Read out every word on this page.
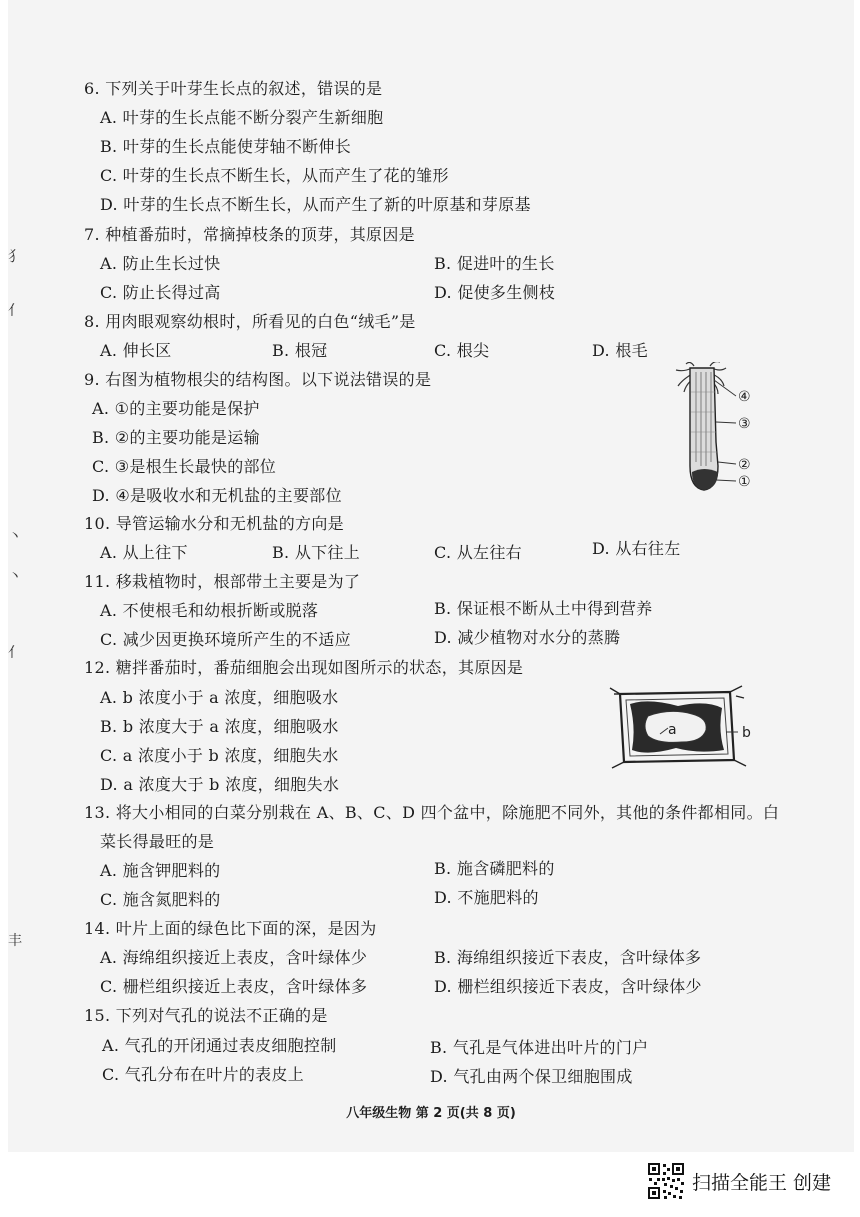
犭
亻
丶
丶
亻
丰
6. 下列关于叶芽生长点的叙述，错误的是
A. 叶芽的生长点能不断分裂产生新细胞
B. 叶芽的生长点能使芽轴不断伸长
C. 叶芽的生长点不断生长，从而产生了花的雏形
D. 叶芽的生长点不断生长，从而产生了新的叶原基和芽原基
7. 种植番茄时，常摘掉枝条的顶芽，其原因是
A. 防止生长过快	B. 促进叶的生长
C. 防止长得过高	D. 促使多生侧枝
8. 用肉眼观察幼根时，所看见的白色“绒毛”是
A. 伸长区	B. 根冠	C. 根尖	D. 根毛
9. 右图为植物根尖的结构图。以下说法错误的是
A. ①的主要功能是保护
B. ②的主要功能是运输
C. ③是根生长最快的部位
D. ④是吸收水和无机盐的主要部位
④
③
②
①
10. 导管运输水分和无机盐的方向是
A. 从上往下	B. 从下往上	C. 从左往右	D. 从右往左
11. 移栽植物时，根部带土主要是为了
A. 不使根毛和幼根折断或脱落	B. 保证根不断从土中得到营养
C. 减少因更换环境所产生的不适应	D. 减少植物对水分的蒸腾
12. 糖拌番茄时，番茄细胞会出现如图所示的状态，其原因是
A. b 浓度小于 a 浓度，细胞吸水
B. b 浓度大于 a 浓度，细胞吸水
C. a 浓度小于 b 浓度，细胞失水
D. a 浓度大于 b 浓度，细胞失水
a	b
13. 将大小相同的白菜分别栽在 A、B、C、D 四个盆中，除施肥不同外，其他的条件都相同。白
菜长得最旺的是
A. 施含钾肥料的	B. 施含磷肥料的
C. 施含氮肥料的	D. 不施肥料的
14. 叶片上面的绿色比下面的深，是因为
A. 海绵组织接近上表皮，含叶绿体少	B. 海绵组织接近下表皮，含叶绿体多
C. 栅栏组织接近上表皮，含叶绿体多	D. 栅栏组织接近下表皮，含叶绿体少
15. 下列对气孔的说法不正确的是
A. 气孔的开闭通过表皮细胞控制	B. 气孔是气体进出叶片的门户
C. 气孔分布在叶片的表皮上	D. 气孔由两个保卫细胞围成
八年级生物 第 2 页(共 8 页)
扫描全能王 创建
